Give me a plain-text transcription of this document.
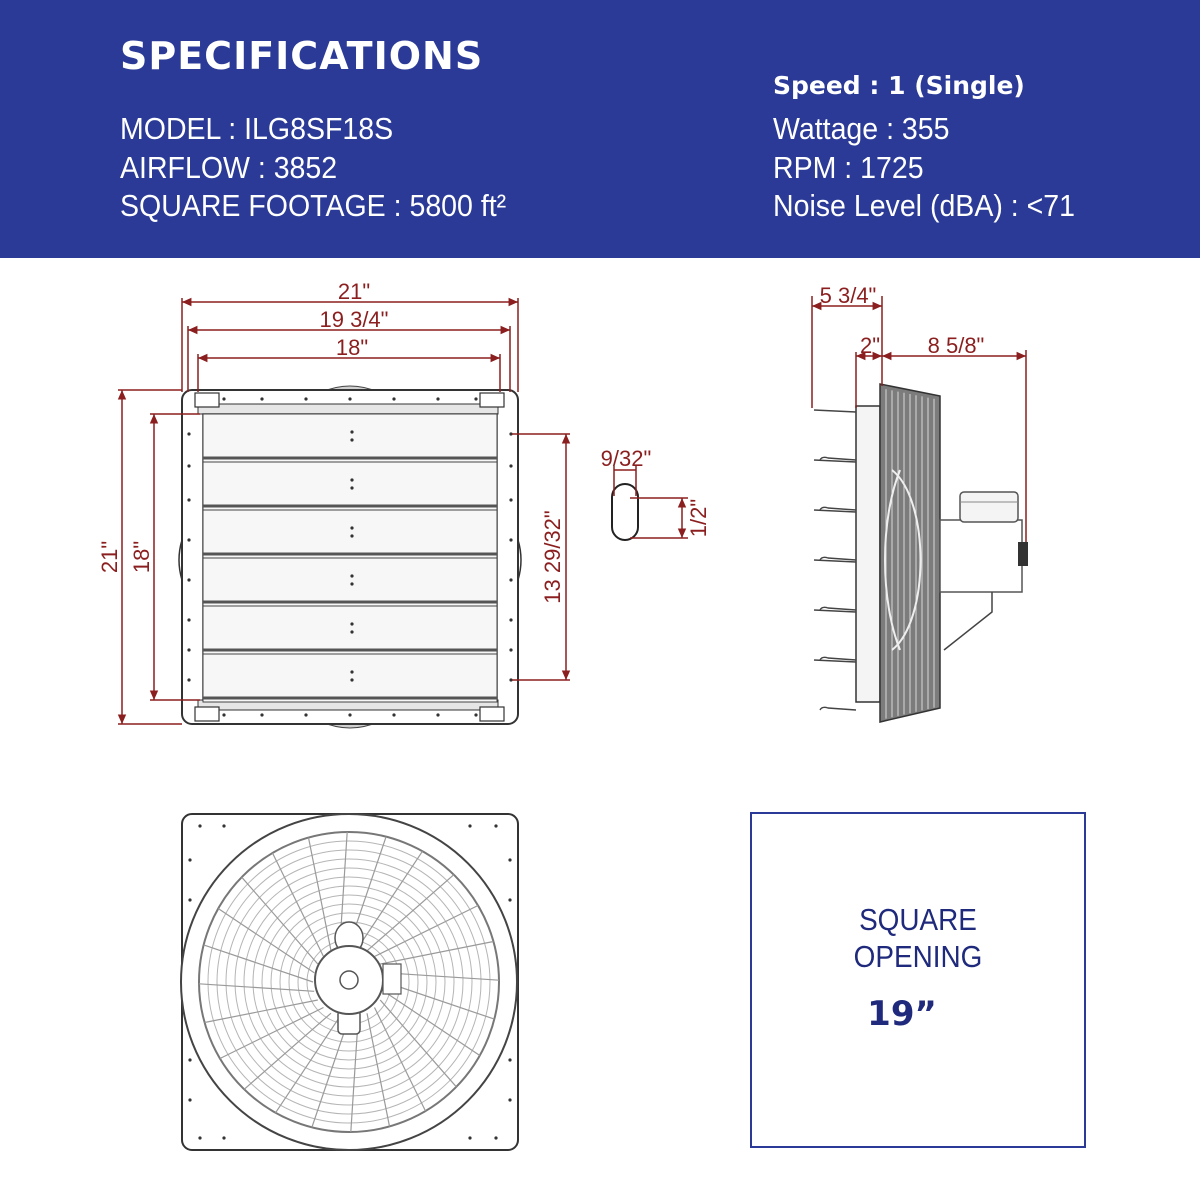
SPECIFICATIONS
MODEL : ILG8SF18S
AIRFLOW : 3852
SQUARE FOOTAGE : 5800 ft²
Speed : 1 (Single)
Wattage : 355
RPM : 1725
Noise Level (dBA) : <71
21"
19 3/4"
18"
21" 18"	13 29/32"
9/32"
1/2"
5 3/4"
2" 8 5/8"
SQUARE
OPENING
19”
